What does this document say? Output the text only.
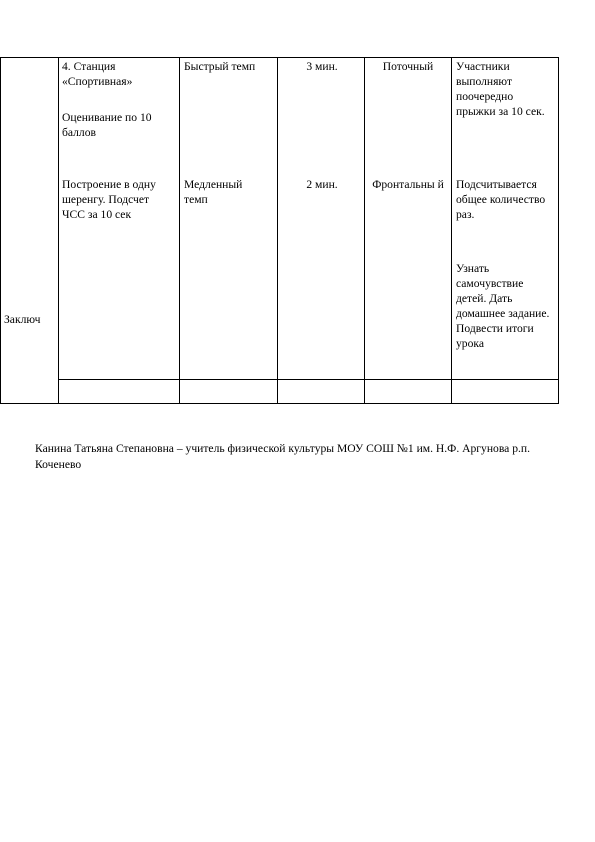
Заключ
4. Станция «Спортивная»
Оценивание по 10 баллов
Построение в одну шеренгу. Подсчет ЧСС за 10 сек
Быстрый темп
Медленный темп
3 мин.
2 мин.
Поточный
Фронтальны й
Участники выполняют поочередно прыжки за 10 сек.
Подсчитывается общее количество раз.
Узнать самочувствие детей. Дать домашнее задание. Подвести итоги урока
Канина Татьяна Степановна – учитель физической культуры МОУ СОШ №1 им. Н.Ф. Аргунова р.п. Коченево
